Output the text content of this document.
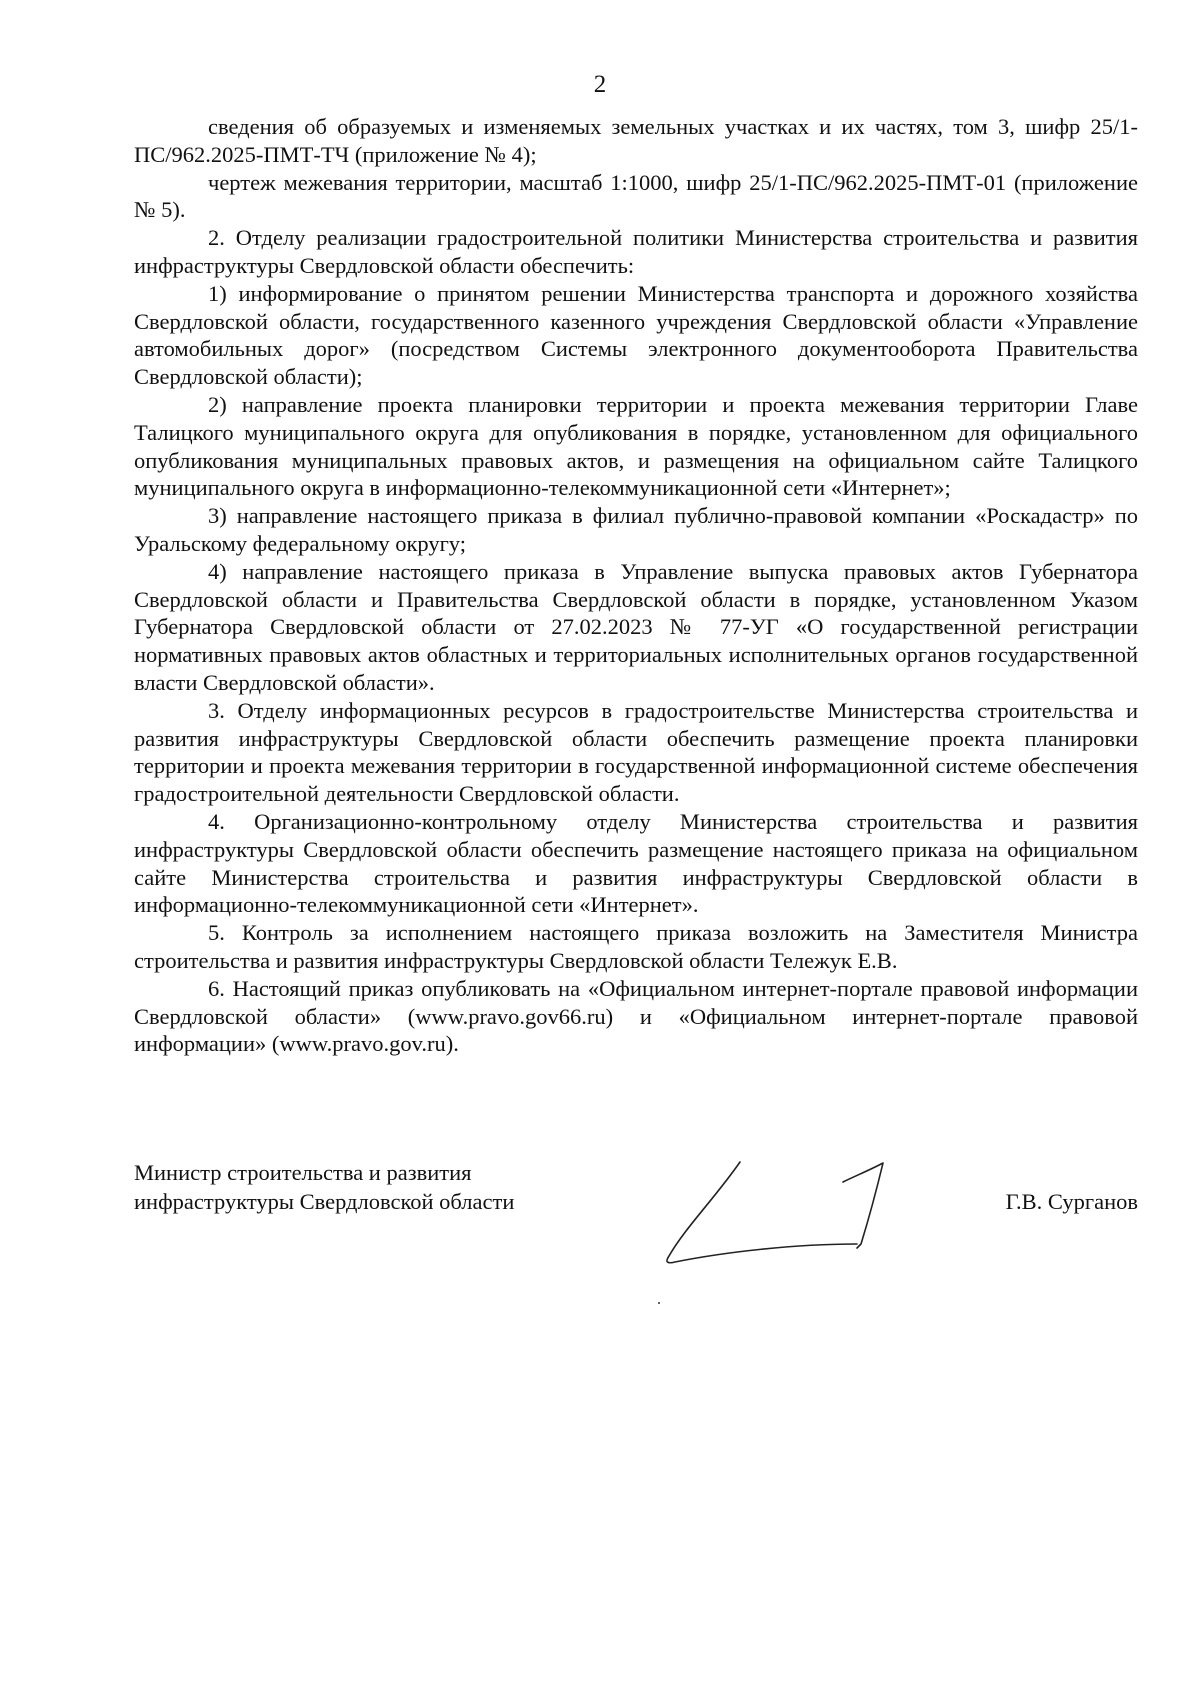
2

сведения об образуемых и изменяемых земельных участках и их частях, том 3, шифр 25/1-ПС/962.2025-ПМТ-ТЧ (приложение № 4);

чертеж межевания территории, масштаб 1:1000, шифр 25/1-ПС/962.2025-ПМТ-01 (приложение № 5).

2. Отделу реализации градостроительной политики Министерства строительства и развития инфраструктуры Свердловской области обеспечить:

1) информирование о принятом решении Министерства транспорта и дорожного хозяйства Свердловской области, государственного казенного учреждения Свердловской области «Управление автомобильных дорог» (посредством Системы электронного документооборота Правительства Свердловской области);

2) направление проекта планировки территории и проекта межевания территории Главе Талицкого муниципального округа для опубликования в порядке, установленном для официального опубликования муниципальных правовых актов, и размещения на официальном сайте Талицкого муниципального округа в информационно-телекоммуникационной сети «Интернет»;

3) направление настоящего приказа в филиал публично-правовой компании «Роскадастр» по Уральскому федеральному округу;

4) направление настоящего приказа в Управление выпуска правовых актов Губернатора Свердловской области и Правительства Свердловской области в порядке, установленном Указом Губернатора Свердловской области от 27.02.2023 № 77-УГ «О государственной регистрации нормативных правовых актов областных и территориальных исполнительных органов государственной власти Свердловской области».

3. Отделу информационных ресурсов в градостроительстве Министерства строительства и развития инфраструктуры Свердловской области обеспечить размещение проекта планировки территории и проекта межевания территории в государственной информационной системе обеспечения градостроительной деятельности Свердловской области.

4. Организационно-контрольному отделу Министерства строительства и развития инфраструктуры Свердловской области обеспечить размещение настоящего приказа на официальном сайте Министерства строительства и развития инфраструктуры Свердловской области в информационно-телекоммуникационной сети «Интернет».

5. Контроль за исполнением настоящего приказа возложить на Заместителя Министра строительства и развития инфраструктуры Свердловской области Тележук Е.В.

6. Настоящий приказ опубликовать на «Официальном интернет-портале правовой информации Свердловской области» (www.pravo.gov66.ru) и «Официальном интернет-портале правовой информации» (www.pravo.gov.ru).

Министр строительства и развития
инфраструктуры Свердловской области	Г.В. Сурганов
